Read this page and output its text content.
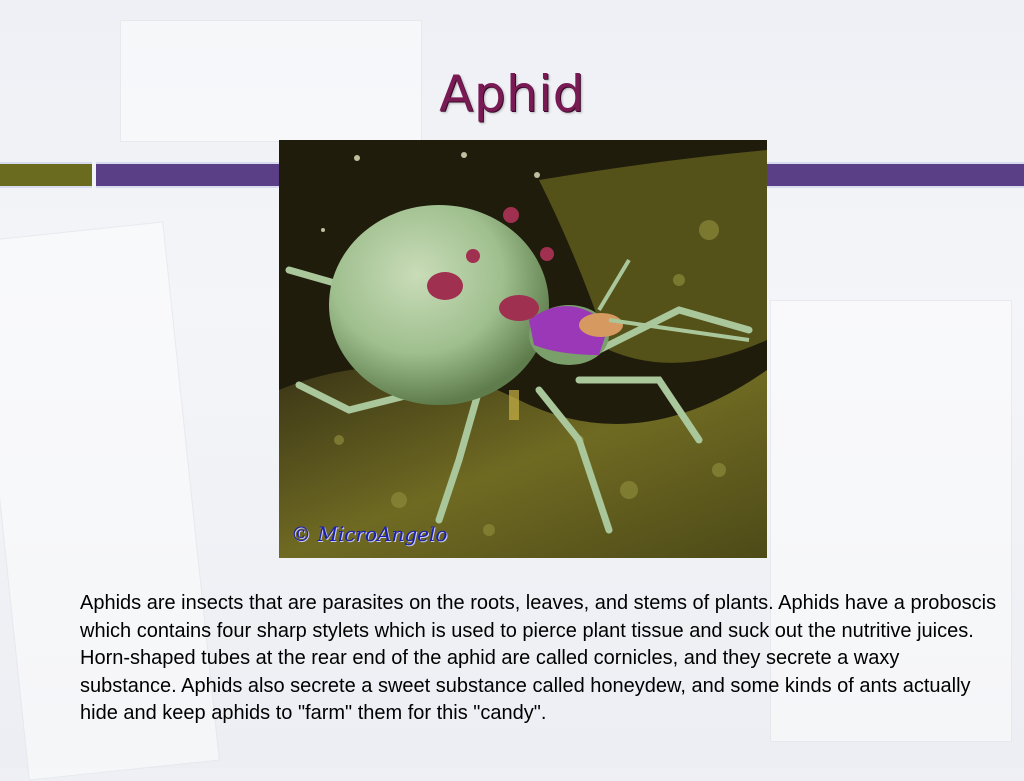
Aphid
© MicroAngelo
Aphids are insects that are parasites on the roots, leaves, and stems of plants. Aphids have a proboscis which contains four sharp stylets which is used to pierce plant tissue and suck out the nutritive juices. Horn-shaped tubes at the rear end of the aphid are called cornicles, and they secrete a waxy substance. Aphids also secrete a sweet substance called honeydew, and some kinds of ants actually hide and keep aphids to "farm" them for this "candy".
